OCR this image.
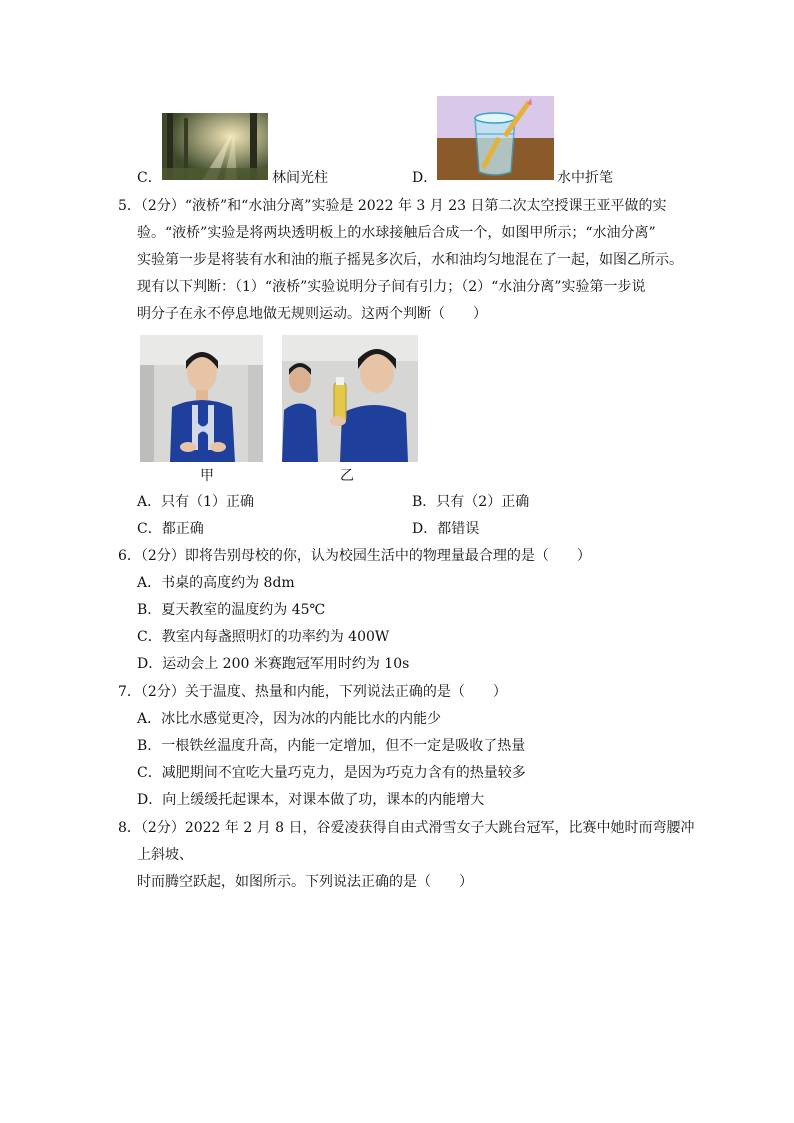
C．	林间光柱	D．	水中折笔
5．（2分）“液桥”和“水油分离”实验是 2022 年 3 月 23 日第二次太空授课王亚平做的实
验。“液桥”实验是将两块透明板上的水球接触后合成一个，如图甲所示；“水油分离”
实验第一步是将装有水和油的瓶子摇晃多次后，水和油均匀地混在了一起，如图乙所示。
现有以下判断：（1）“液桥”实验说明分子间有引力；（2）“水油分离”实验第一步说
明分子在永不停息地做无规则运动。这两个判断（　　）
甲	乙
A．只有（1）正确	B．只有（2）正确
C．都正确	D．都错误
6．（2分）即将告别母校的你，认为校园生活中的物理量最合理的是（　　）
A．书桌的高度约为 8dm
B．夏天教室的温度约为 45℃
C．教室内每盏照明灯的功率约为 400W
D．运动会上 200 米赛跑冠军用时约为 10s
7．（2分）关于温度、热量和内能，下列说法正确的是（　　）
A．冰比水感觉更冷，因为冰的内能比水的内能少
B．一根铁丝温度升高，内能一定增加，但不一定是吸收了热量
C．减肥期间不宜吃大量巧克力，是因为巧克力含有的热量较多
D．向上缓缓托起课本，对课本做了功，课本的内能增大
8．（2分）2022 年 2 月 8 日，谷爱凌获得自由式滑雪女子大跳台冠军，比赛中她时而弯腰冲
上斜坡、
时而腾空跃起，如图所示。下列说法正确的是（　　）
